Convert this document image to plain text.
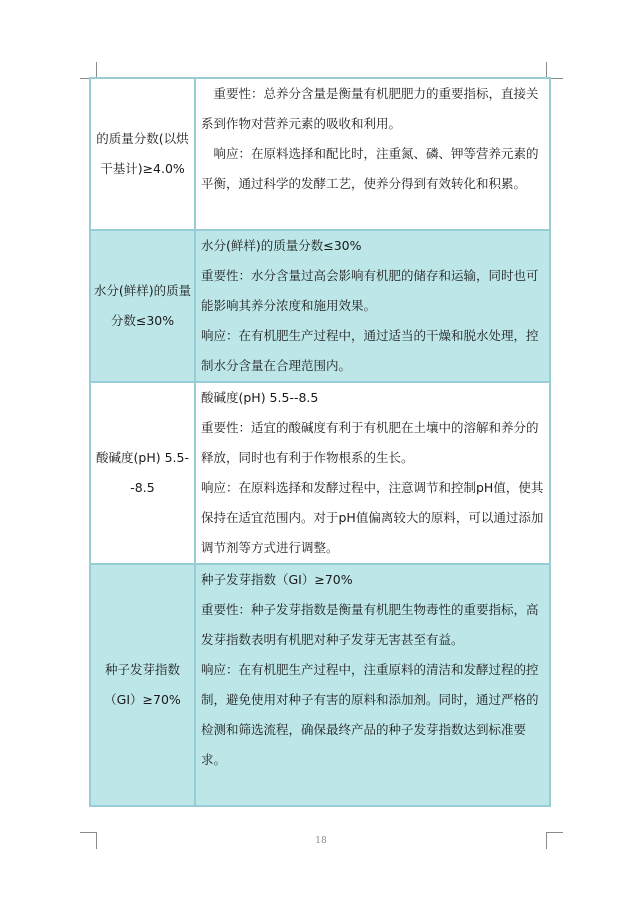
的质量分数(以烘干基计)≥4.0%	重要性：总养分含量是衡量有机肥肥力的重要指标，直接关系到作物对营养元素的吸收和利用。
响应：在原料选择和配比时，注重氮、磷、钾等营养元素的平衡，通过科学的发酵工艺，使养分得到有效转化和积累。

水分(鲜样)的质量分数≤30%	水分(鲜样)的质量分数≤30%
重要性：水分含量过高会影响有机肥的储存和运输，同时也可能影响其养分浓度和施用效果。
响应：在有机肥生产过程中，通过适当的干燥和脱水处理，控制水分含量在合理范围内。

酸碱度(pH) 5.5--8.5	酸碱度(pH) 5.5--8.5
重要性：适宜的酸碱度有利于有机肥在土壤中的溶解和养分的释放，同时也有利于作物根系的生长。
响应：在原料选择和发酵过程中，注意调节和控制pH值，使其保持在适宜范围内。对于pH值偏离较大的原料，可以通过添加调节剂等方式进行调整。

种子发芽指数（GI）≥70%	种子发芽指数（GI）≥70%
重要性：种子发芽指数是衡量有机肥生物毒性的重要指标，高发芽指数表明有机肥对种子发芽无害甚至有益。
响应：在有机肥生产过程中，注重原料的清洁和发酵过程的控制，避免使用对种子有害的原料和添加剂。同时，通过严格的检测和筛选流程，确保最终产品的种子发芽指数达到标准要求。
18
